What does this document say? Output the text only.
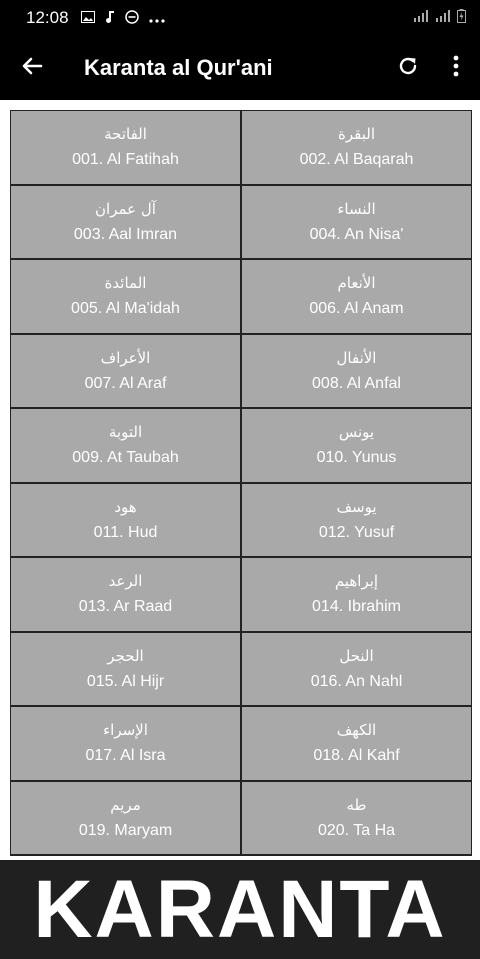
12:08
Karanta al Qur'ani
الفاتحة
001. Al Fatihah
البقرة
002. Al Baqarah
آل عمران
003. Aal Imran
النساء
004. An Nisa'
المائدة
005. Al Ma'idah
الأنعام
006. Al Anam
الأعراف
007. Al Araf
الأنفال
008. Al Anfal
التوبة
009. At Taubah
يونس
010. Yunus
هود
011. Hud
يوسف
012. Yusuf
الرعد
013. Ar Raad
إبراهيم
014. Ibrahim
الحجر
015. Al Hijr
النحل
016. An Nahl
الإسراء
017. Al Isra
الكهف
018. Al Kahf
مريم
019. Maryam
طه
020. Ta Ha
KARANTA
